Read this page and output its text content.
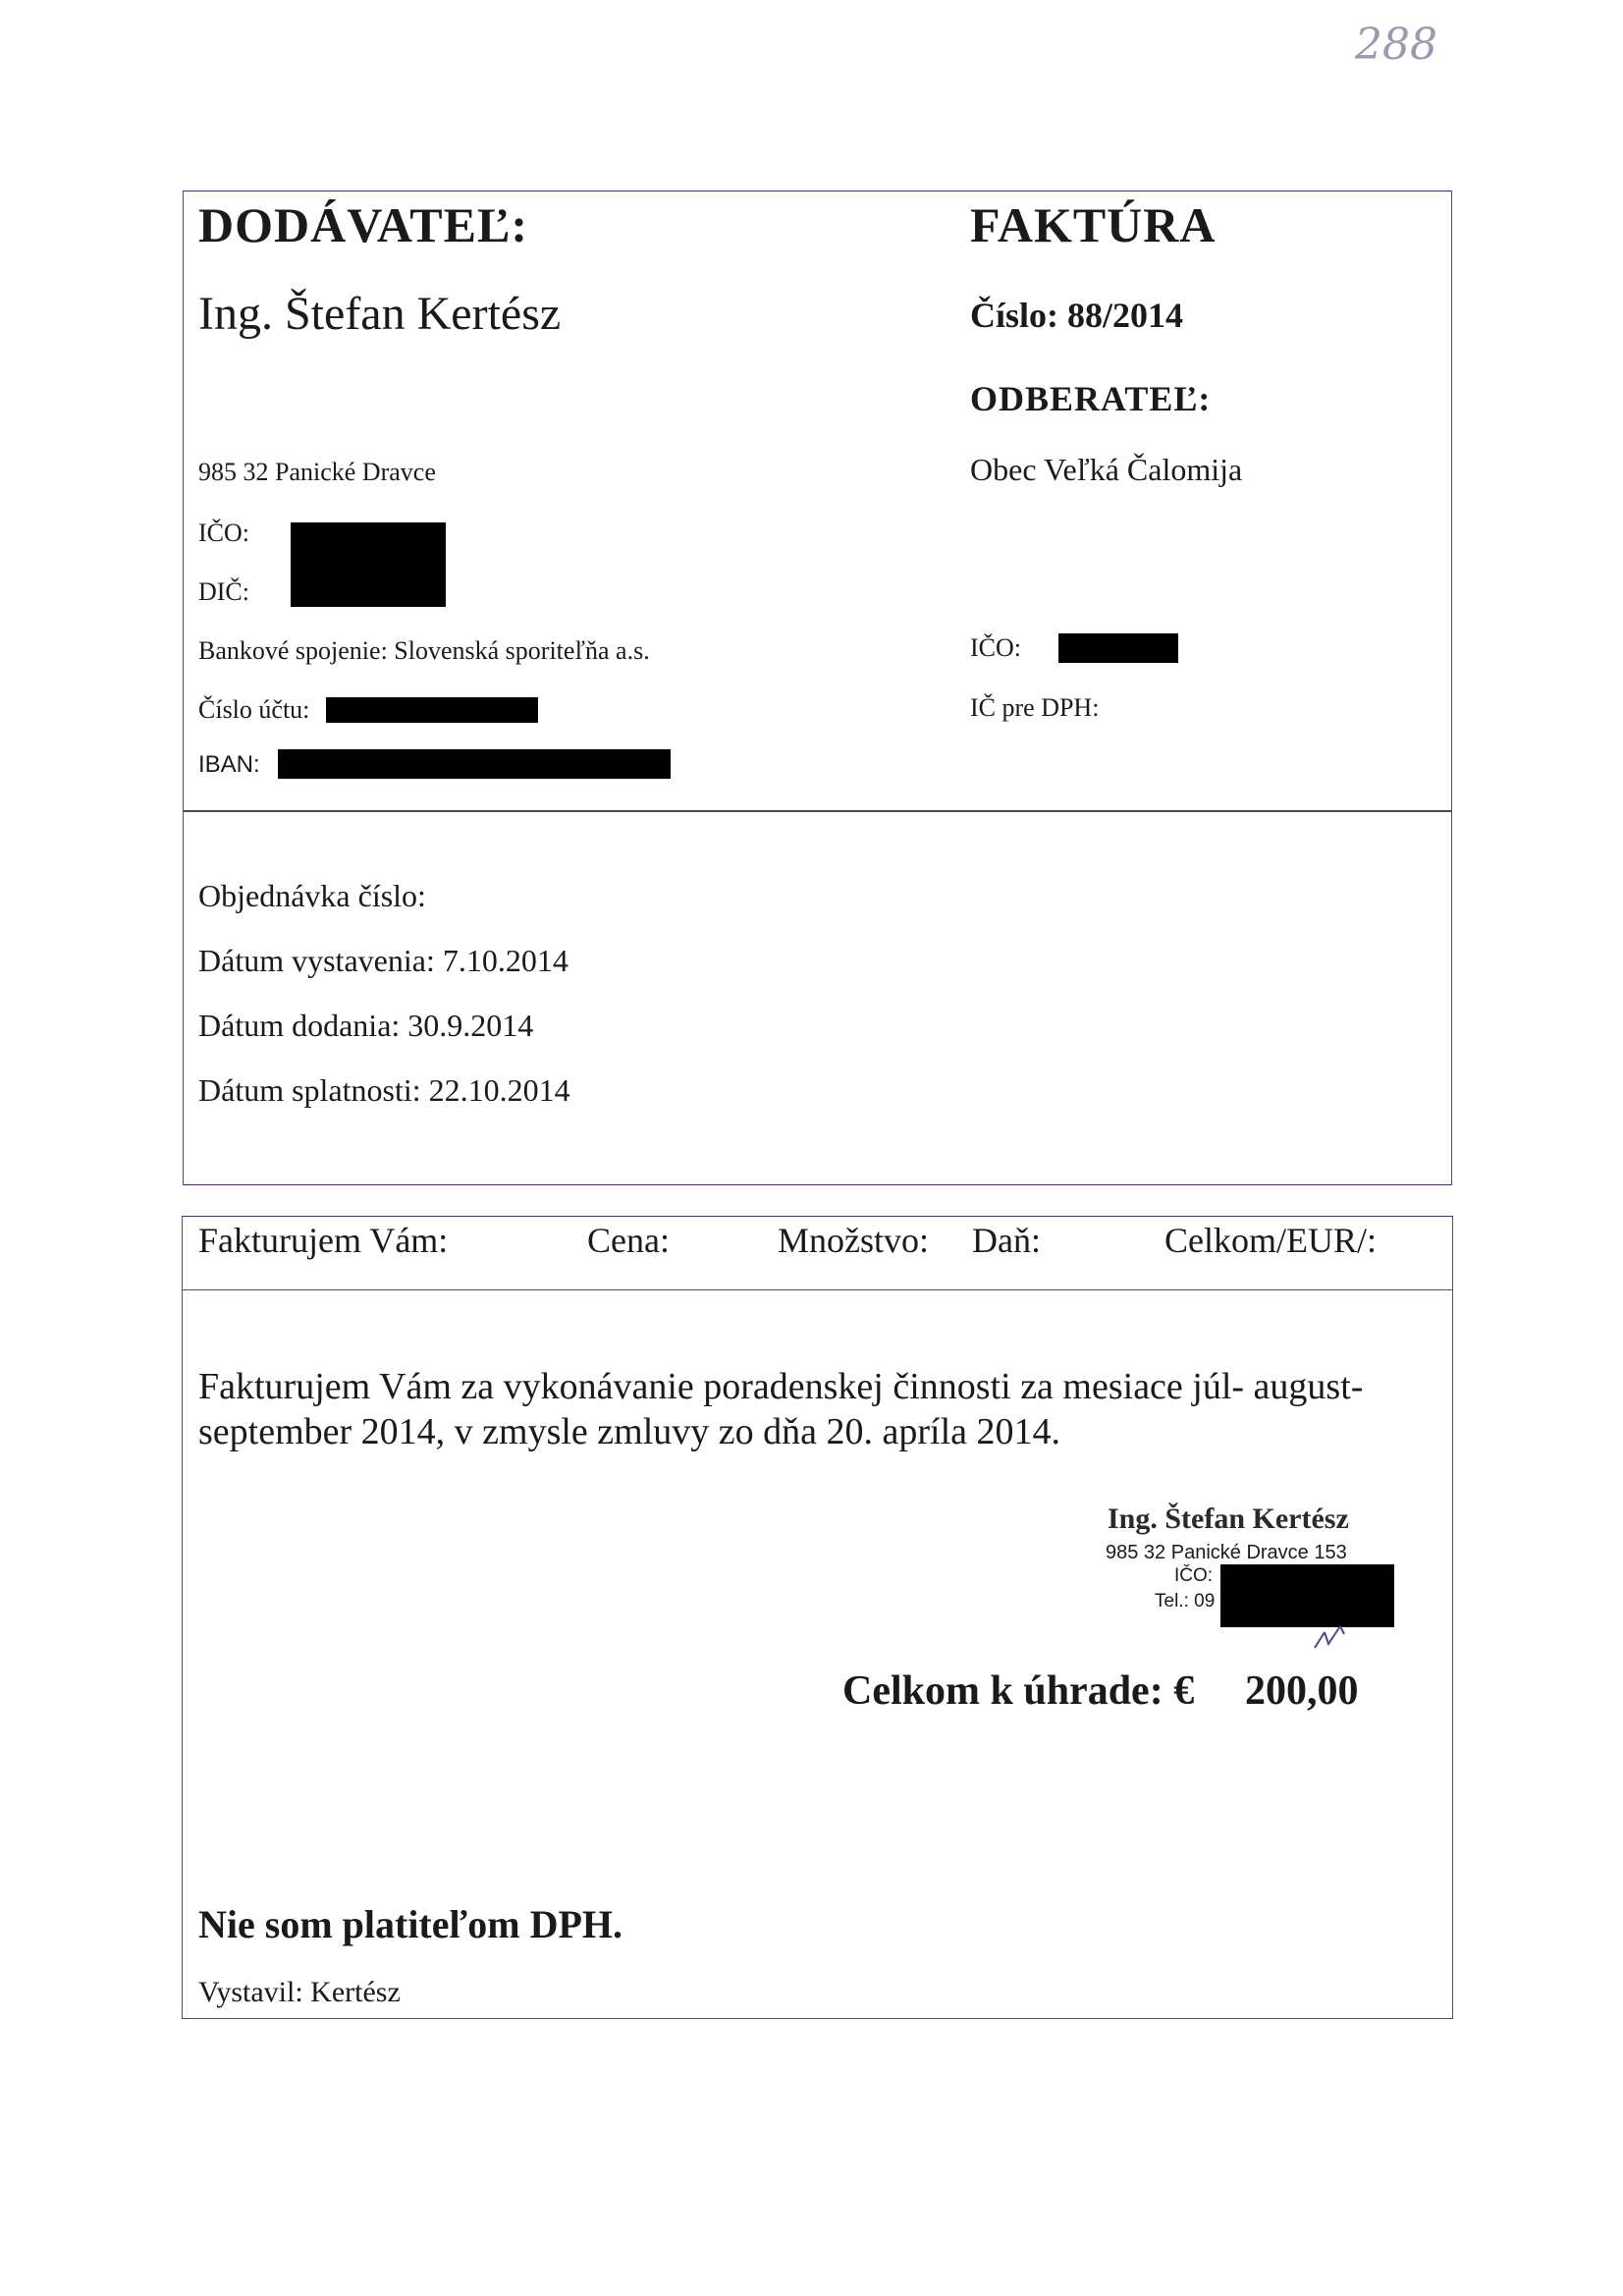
288
DODÁVATEĽ:
Ing. Štefan Kertész
985 32 Panické Dravce
IČO:
DIČ:
Bankové spojenie: Slovenská sporiteľňa a.s.
Číslo účtu:
IBAN:
FAKTÚRA
Číslo: 88/2014
ODBERATEĽ:
Obec Veľká Čalomija
IČO:
IČ pre DPH:
Objednávka číslo:
Dátum vystavenia: 7.10.2014
Dátum dodania: 30.9.2014
Dátum splatnosti: 22.10.2014
Fakturujem Vám:	Cena:	Množstvo: Daň:	Celkom/EUR/:
Fakturujem Vám za vykonávanie poradenskej činnosti za mesiace júl- august-
september 2014, v zmysle zmluvy zo dňa 20. apríla 2014.
Ing. Štefan Kertész
985 32 Panické Dravce 153
IČO:
Tel.: 09
Celkom k úhrade: € 200,00
Nie som platiteľom DPH.
Vystavil: Kertész
